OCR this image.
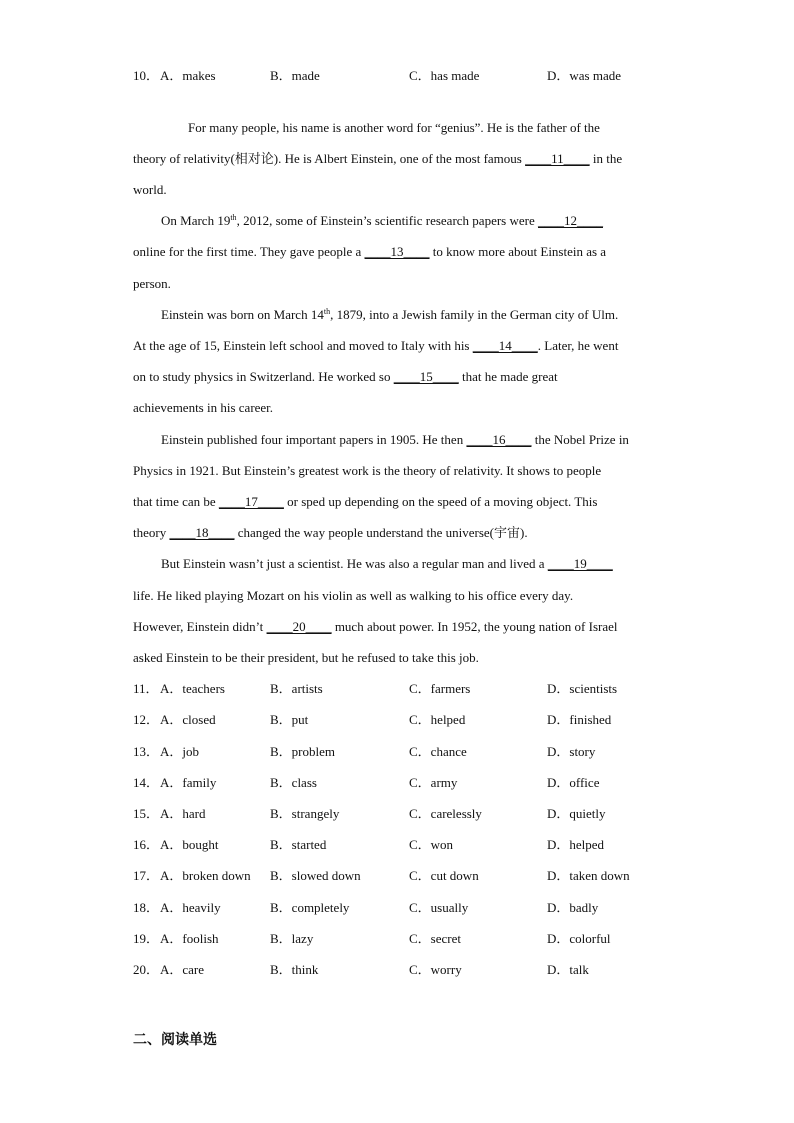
10． A．makes	B．made	C．has made	D．was made
For many people, his name is another word for “genius”. He is the father of the
theory of relativity(相对论). He is Albert Einstein, one of the most famous ____11____ in the
world.
On March 19th, 2012, some of Einstein’s scientific research papers were ____12____
online for the first time. They gave people a ____13____ to know more about Einstein as a
person.
Einstein was born on March 14th, 1879, into a Jewish family in the German city of Ulm.
At the age of 15, Einstein left school and moved to Italy with his ____14____. Later, he went
on to study physics in Switzerland. He worked so ____15____ that he made great
achievements in his career.
Einstein published four important papers in 1905. He then ____16____ the Nobel Prize in
Physics in 1921. But Einstein’s greatest work is the theory of relativity. It shows to people
that time can be ____17____ or sped up depending on the speed of a moving object. This
theory ____18____ changed the way people understand the universe(宇宙).
But Einstein wasn’t just a scientist. He was also a regular man and lived a ____19____
life. He liked playing Mozart on his violin as well as walking to his office every day.
However, Einstein didn’t ____20____ much about power. In 1952, the young nation of Israel
asked Einstein to be their president, but he refused to take this job.
11． A．teachers	B．artists	C．farmers	D．scientists
12． A．closed	B．put	C．helped	D．finished
13． A．job	B．problem	C．chance	D．story
14． A．family	B．class	C．army	D．office
15． A．hard	B．strangely	C．carelessly	D．quietly
16． A．bought	B．started	C．won	D．helped
17． A．broken down B．slowed down	C．cut down	D．taken down
18． A．heavily	B．completely	C．usually	D．badly
19． A．foolish	B．lazy	C．secret	D．colorful
20． A．care	B．think	C．worry	D．talk
二、阅读单选
